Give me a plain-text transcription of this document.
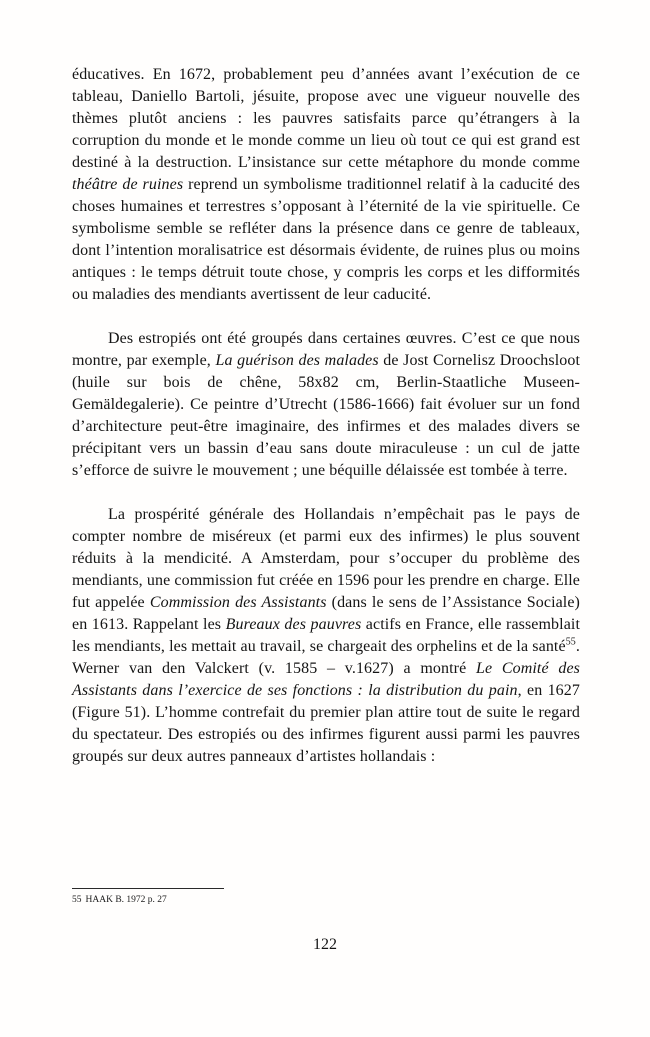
éducatives. En 1672, probablement peu d’années avant l’exécution de ce tableau, Daniello Bartoli, jésuite, propose avec une vigueur nouvelle des thèmes plutôt anciens : les pauvres satisfaits parce qu’étrangers à la corruption du monde et le monde comme un lieu où tout ce qui est grand est destiné à la destruction. L’insistance sur cette métaphore du monde comme théâtre de ruines reprend un symbolisme traditionnel relatif à la caducité des choses humaines et terrestres s’opposant à l’éternité de la vie spirituelle. Ce symbolisme semble se refléter dans la présence dans ce genre de tableaux, dont l’intention moralisatrice est désormais évidente, de ruines plus ou moins antiques : le temps détruit toute chose, y compris les corps et les difformités ou maladies des mendiants avertissent de leur caducité.

Des estropiés ont été groupés dans certaines œuvres. C’est ce que nous montre, par exemple, La guérison des malades de Jost Cornelisz Droochsloot (huile sur bois de chêne, 58x82 cm, Berlin-Staatliche Museen-Gemäldegalerie). Ce peintre d’Utrecht (1586-1666) fait évoluer sur un fond d’architecture peut-être imaginaire, des infirmes et des malades divers se précipitant vers un bassin d’eau sans doute miraculeuse : un cul de jatte s’efforce de suivre le mouvement ; une béquille délaissée est tombée à terre.

La prospérité générale des Hollandais n’empêchait pas le pays de compter nombre de miséreux (et parmi eux des infirmes) le plus souvent réduits à la mendicité. A Amsterdam, pour s’occuper du problème des mendiants, une commission fut créée en 1596 pour les prendre en charge. Elle fut appelée Commission des Assistants (dans le sens de l’Assistance Sociale) en 1613. Rappelant les Bureaux des pauvres actifs en France, elle rassemblait les mendiants, les mettait au travail, se chargeait des orphelins et de la santé$^{55}$. Werner van den Valckert (v. 1585 – v.1627) a montré Le Comité des Assistants dans l’exercice de ses fonctions : la distribution du pain, en 1627 (Figure 51). L’homme contrefait du premier plan attire tout de suite le regard du spectateur. Des estropiés ou des infirmes figurent aussi parmi les pauvres groupés sur deux autres panneaux d’artistes hollandais :

55 HAAK B. 1972 p. 27
122
